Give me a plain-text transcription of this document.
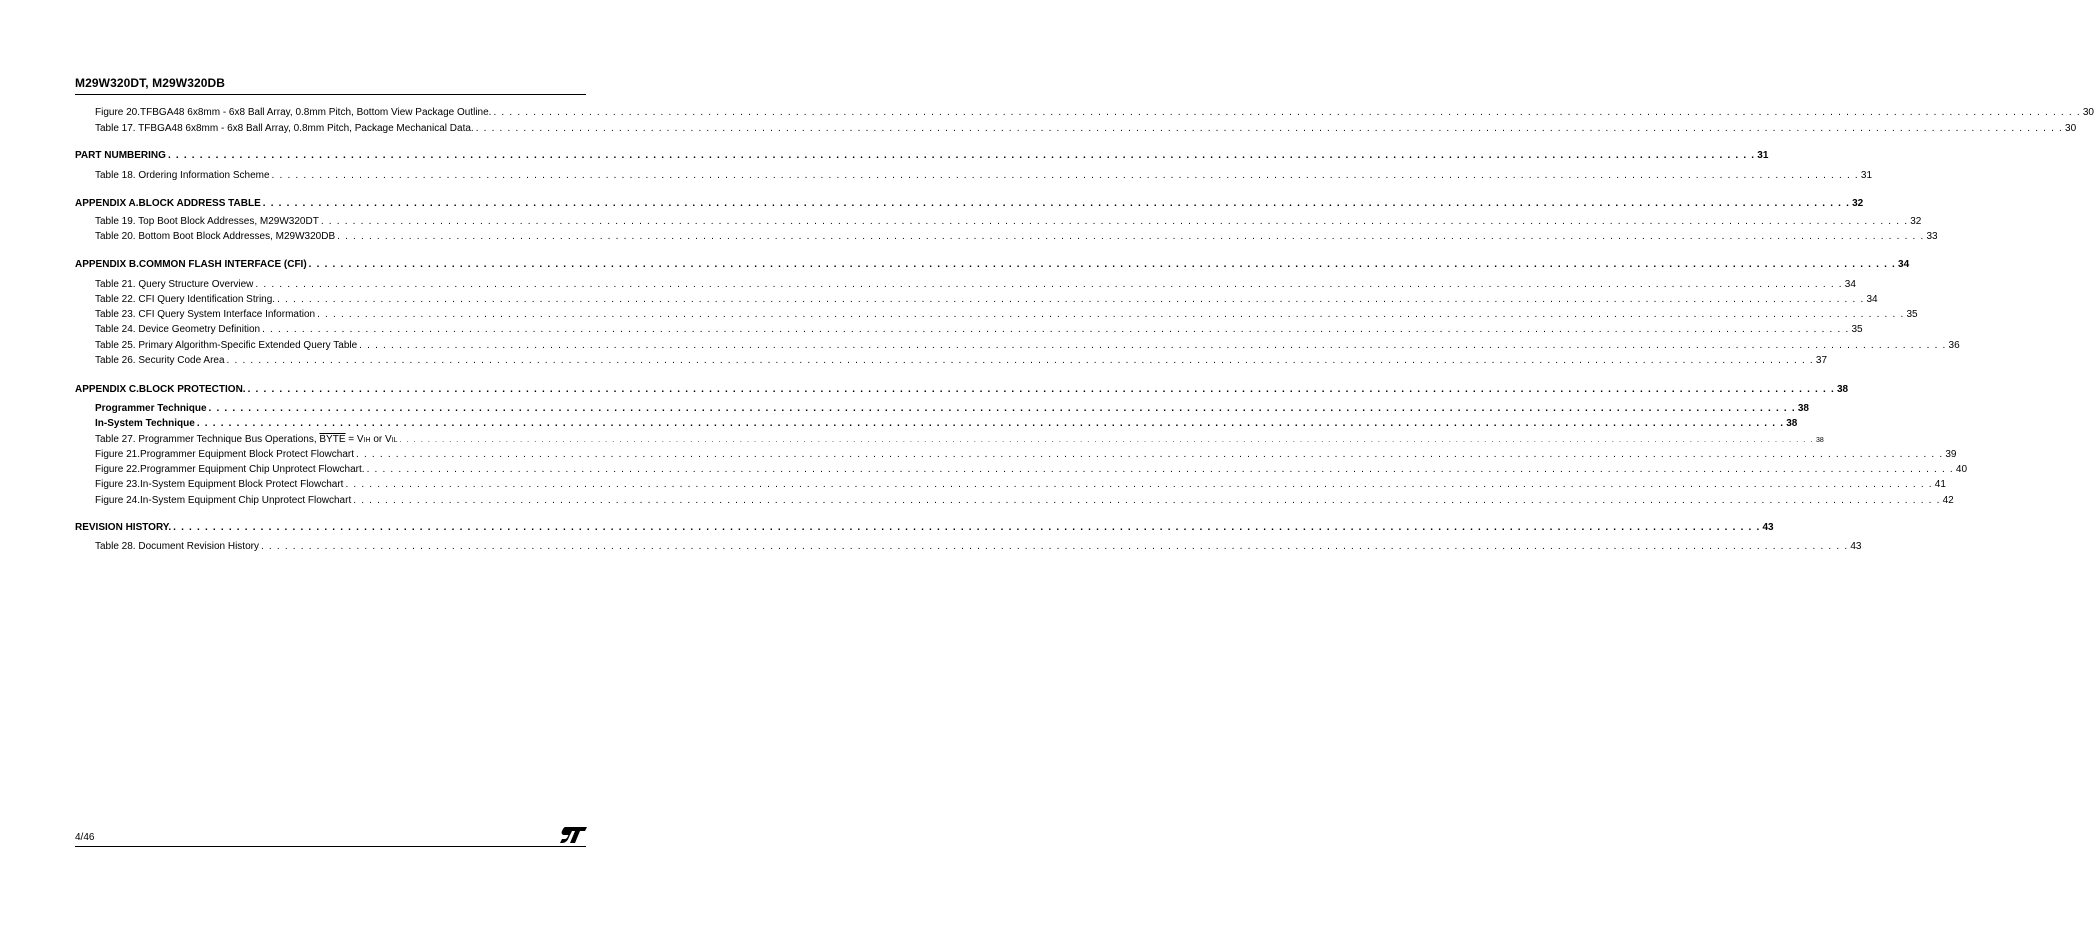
M29W320DT, M29W320DB
Figure 20.TFBGA48 6x8mm - 6x8 Ball Array, 0.8mm Pitch, Bottom View Package Outline. . . . . . . . . . . . . . . . . . . . . . . . . . . . . . . . . . . . . . . . . . . . . . . . . . . . . . . . . . . . . . . . . . . . . . . . . . . . . . . . . . . . . . . . . . . . . . . . . . . . . . . . . . . . . . . . . . . . . . . . . . . . . . . . . . . . . . . . . . . . . . . . . . . . . . . . . . . . . . . . . . . . . . . . . . . . . . . . . . . . . . . . . . . . . . . . . . . . . . . . . 30
Table 17. TFBGA48 6x8mm - 6x8 Ball Array, 0.8mm Pitch, Package Mechanical Data. . . . . . . . . . . . . . . . . . . . . . . . . . . . . . . . . . . . . . . . . . . . . . . . . . . . . . . . . . . . . . . . . . . . . . . . . . . . . . . . . . . . . . . . . . . . . . . . . . . . . . . . . . . . . . . . . . . . . . . . . . . . . . . . . . . . . . . . . . . . . . . . . . . . . . . . . . . . . . . . . . . . . . . . . . . . . . . . . . . . . . . . . . . . . . . . . . . . . . . . . 30
PART NUMBERING . . . . . . . . . . . . . . . . . . . . . . . . . . . . . . . . . . . . . . . . . . . . . . . . . . . . . . . . . . . . . . . . . . . . . . . . . . . . . . . . . . . . . . . . . . . . . . . . . . . . . . . . . . . . . . . . . . . . . . . . . . . . . . . . . . . . . . . . . . . . . . . . . . . . . . . . . . . . . . . . . . . . . . . . . . . . . . . . . . . . . . . . . . . . . . . . . . . . . . . . 31
Table 18. Ordering Information Scheme . . . . . . . . . . . . . . . . . . . . . . . . . . . . . . . . . . . . . . . . . . . . . . . . . . . . . . . . . . . . . . . . . . . . . . . . . . . . . . . . . . . . . . . . . . . . . . . . . . . . . . . . . . . . . . . . . . . . . . . . . . . . . . . . . . . . . . . . . . . . . . . . . . . . . . . . . . . . . . . . . . . . . . . . . . . . . . . . . . . . . . . . . . . . . . . . . . . . . . . . 31
APPENDIX A.BLOCK ADDRESS TABLE . . . . . . . . . . . . . . . . . . . . . . . . . . . . . . . . . . . . . . . . . . . . . . . . . . . . . . . . . . . . . . . . . . . . . . . . . . . . . . . . . . . . . . . . . . . . . . . . . . . . . . . . . . . . . . . . . . . . . . . . . . . . . . . . . . . . . . . . . . . . . . . . . . . . . . . . . . . . . . . . . . . . . . . . . . . . . . . . . . . . . . . . . . . . . . . . . . . . . . . . 32
Table 19. Top Boot Block Addresses, M29W320DT . . . . . . . . . . . . . . . . . . . . . . . . . . . . . . . . . . . . . . . . . . . . . . . . . . . . . . . . . . . . . . . . . . . . . . . . . . . . . . . . . . . . . . . . . . . . . . . . . . . . . . . . . . . . . . . . . . . . . . . . . . . . . . . . . . . . . . . . . . . . . . . . . . . . . . . . . . . . . . . . . . . . . . . . . . . . . . . . . . . . . . . . . . . . . . . . . . . . . . . . 32
Table 20. Bottom Boot Block Addresses, M29W320DB . . . . . . . . . . . . . . . . . . . . . . . . . . . . . . . . . . . . . . . . . . . . . . . . . . . . . . . . . . . . . . . . . . . . . . . . . . . . . . . . . . . . . . . . . . . . . . . . . . . . . . . . . . . . . . . . . . . . . . . . . . . . . . . . . . . . . . . . . . . . . . . . . . . . . . . . . . . . . . . . . . . . . . . . . . . . . . . . . . . . . . . . . . . . . . . . . . . . . . . . 33
APPENDIX B.COMMON FLASH INTERFACE (CFI) . . . . . . . . . . . . . . . . . . . . . . . . . . . . . . . . . . . . . . . . . . . . . . . . . . . . . . . . . . . . . . . . . . . . . . . . . . . . . . . . . . . . . . . . . . . . . . . . . . . . . . . . . . . . . . . . . . . . . . . . . . . . . . . . . . . . . . . . . . . . . . . . . . . . . . . . . . . . . . . . . . . . . . . . . . . . . . . . . . . . . . . . . . . . . . . . . . . . . . . . 34
Table 21. Query Structure Overview . . . . . . . . . . . . . . . . . . . . . . . . . . . . . . . . . . . . . . . . . . . . . . . . . . . . . . . . . . . . . . . . . . . . . . . . . . . . . . . . . . . . . . . . . . . . . . . . . . . . . . . . . . . . . . . . . . . . . . . . . . . . . . . . . . . . . . . . . . . . . . . . . . . . . . . . . . . . . . . . . . . . . . . . . . . . . . . . . . . . . . . . . . . . . . . . . . . . . . . . 34
Table 22. CFI Query Identification String. . . . . . . . . . . . . . . . . . . . . . . . . . . . . . . . . . . . . . . . . . . . . . . . . . . . . . . . . . . . . . . . . . . . . . . . . . . . . . . . . . . . . . . . . . . . . . . . . . . . . . . . . . . . . . . . . . . . . . . . . . . . . . . . . . . . . . . . . . . . . . . . . . . . . . . . . . . . . . . . . . . . . . . . . . . . . . . . . . . . . . . . . . . . . . . . . . . . . . . . . 34
Table 23. CFI Query System Interface Information . . . . . . . . . . . . . . . . . . . . . . . . . . . . . . . . . . . . . . . . . . . . . . . . . . . . . . . . . . . . . . . . . . . . . . . . . . . . . . . . . . . . . . . . . . . . . . . . . . . . . . . . . . . . . . . . . . . . . . . . . . . . . . . . . . . . . . . . . . . . . . . . . . . . . . . . . . . . . . . . . . . . . . . . . . . . . . . . . . . . . . . . . . . . . . . . . . . . . . . . 35
Table 24. Device Geometry Definition . . . . . . . . . . . . . . . . . . . . . . . . . . . . . . . . . . . . . . . . . . . . . . . . . . . . . . . . . . . . . . . . . . . . . . . . . . . . . . . . . . . . . . . . . . . . . . . . . . . . . . . . . . . . . . . . . . . . . . . . . . . . . . . . . . . . . . . . . . . . . . . . . . . . . . . . . . . . . . . . . . . . . . . . . . . . . . . . . . . . . . . . . . . . . . . . . . . . . . . . 35
Table 25. Primary Algorithm-Specific Extended Query Table . . . . . . . . . . . . . . . . . . . . . . . . . . . . . . . . . . . . . . . . . . . . . . . . . . . . . . . . . . . . . . . . . . . . . . . . . . . . . . . . . . . . . . . . . . . . . . . . . . . . . . . . . . . . . . . . . . . . . . . . . . . . . . . . . . . . . . . . . . . . . . . . . . . . . . . . . . . . . . . . . . . . . . . . . . . . . . . . . . . . . . . . . . . . . . . . . . . . . . . . 36
Table 26. Security Code Area . . . . . . . . . . . . . . . . . . . . . . . . . . . . . . . . . . . . . . . . . . . . . . . . . . . . . . . . . . . . . . . . . . . . . . . . . . . . . . . . . . . . . . . . . . . . . . . . . . . . . . . . . . . . . . . . . . . . . . . . . . . . . . . . . . . . . . . . . . . . . . . . . . . . . . . . . . . . . . . . . . . . . . . . . . . . . . . . . . . . . . . . . . . . . . . . . . . . . . . . 37
APPENDIX C.BLOCK PROTECTION. . . . . . . . . . . . . . . . . . . . . . . . . . . . . . . . . . . . . . . . . . . . . . . . . . . . . . . . . . . . . . . . . . . . . . . . . . . . . . . . . . . . . . . . . . . . . . . . . . . . . . . . . . . . . . . . . . . . . . . . . . . . . . . . . . . . . . . . . . . . . . . . . . . . . . . . . . . . . . . . . . . . . . . . . . . . . . . . . . . . . . . . . . . . . . . . . . . . . . . . . 38
Programmer Technique . . . . . . . . . . . . . . . . . . . . . . . . . . . . . . . . . . . . . . . . . . . . . . . . . . . . . . . . . . . . . . . . . . . . . . . . . . . . . . . . . . . . . . . . . . . . . . . . . . . . . . . . . . . . . . . . . . . . . . . . . . . . . . . . . . . . . . . . . . . . . . . . . . . . . . . . . . . . . . . . . . . . . . . . . . . . . . . . . . . . . . . . . . . . . . . . . . . . . . . . 38
In-System Technique . . . . . . . . . . . . . . . . . . . . . . . . . . . . . . . . . . . . . . . . . . . . . . . . . . . . . . . . . . . . . . . . . . . . . . . . . . . . . . . . . . . . . . . . . . . . . . . . . . . . . . . . . . . . . . . . . . . . . . . . . . . . . . . . . . . . . . . . . . . . . . . . . . . . . . . . . . . . . . . . . . . . . . . . . . . . . . . . . . . . . . . . . . . . . . . . . . . . . . . . 38
Table 27. Programmer Technique Bus Operations, BYTE = VIH or VIL . . . . . . . . . . . . . . . . . . . . . . . . . . . . . . . . . . . . . . . . . . . . . . . . . . . . . . . . . . . . . . . . . . . . . . . . . . . . . . . . . . . . . . . . . . . . . . . . . . . . . . . . . . . . . . . . . . . . . . . . . . . . . . . . . . . . . . . . . . . . . . . . . . . . . . . . . . . . . . . . . . . . . . . . . . . . . . . . . . . . . . . . . . . . . . . . . . . . . . . . 38
Figure 21.Programmer Equipment Block Protect Flowchart . . . . . . . . . . . . . . . . . . . . . . . . . . . . . . . . . . . . . . . . . . . . . . . . . . . . . . . . . . . . . . . . . . . . . . . . . . . . . . . . . . . . . . . . . . . . . . . . . . . . . . . . . . . . . . . . . . . . . . . . . . . . . . . . . . . . . . . . . . . . . . . . . . . . . . . . . . . . . . . . . . . . . . . . . . . . . . . . . . . . . . . . . . . . . . . . . . . . . . . . 39
Figure 22.Programmer Equipment Chip Unprotect Flowchart. . . . . . . . . . . . . . . . . . . . . . . . . . . . . . . . . . . . . . . . . . . . . . . . . . . . . . . . . . . . . . . . . . . . . . . . . . . . . . . . . . . . . . . . . . . . . . . . . . . . . . . . . . . . . . . . . . . . . . . . . . . . . . . . . . . . . . . . . . . . . . . . . . . . . . . . . . . . . . . . . . . . . . . . . . . . . . . . . . . . . . . . . . . . . . . . . . . . . . . . . 40
Figure 23.In-System Equipment Block Protect Flowchart . . . . . . . . . . . . . . . . . . . . . . . . . . . . . . . . . . . . . . . . . . . . . . . . . . . . . . . . . . . . . . . . . . . . . . . . . . . . . . . . . . . . . . . . . . . . . . . . . . . . . . . . . . . . . . . . . . . . . . . . . . . . . . . . . . . . . . . . . . . . . . . . . . . . . . . . . . . . . . . . . . . . . . . . . . . . . . . . . . . . . . . . . . . . . . . . . . . . . . . . 41
Figure 24.In-System Equipment Chip Unprotect Flowchart . . . . . . . . . . . . . . . . . . . . . . . . . . . . . . . . . . . . . . . . . . . . . . . . . . . . . . . . . . . . . . . . . . . . . . . . . . . . . . . . . . . . . . . . . . . . . . . . . . . . . . . . . . . . . . . . . . . . . . . . . . . . . . . . . . . . . . . . . . . . . . . . . . . . . . . . . . . . . . . . . . . . . . . . . . . . . . . . . . . . . . . . . . . . . . . . . . . . . . . . 42
REVISION HISTORY. . . . . . . . . . . . . . . . . . . . . . . . . . . . . . . . . . . . . . . . . . . . . . . . . . . . . . . . . . . . . . . . . . . . . . . . . . . . . . . . . . . . . . . . . . . . . . . . . . . . . . . . . . . . . . . . . . . . . . . . . . . . . . . . . . . . . . . . . . . . . . . . . . . . . . . . . . . . . . . . . . . . . . . . . . . . . . . . . . . . . . . . . . . . . . . . . . . . . . . . . 43
Table 28. Document Revision History . . . . . . . . . . . . . . . . . . . . . . . . . . . . . . . . . . . . . . . . . . . . . . . . . . . . . . . . . . . . . . . . . . . . . . . . . . . . . . . . . . . . . . . . . . . . . . . . . . . . . . . . . . . . . . . . . . . . . . . . . . . . . . . . . . . . . . . . . . . . . . . . . . . . . . . . . . . . . . . . . . . . . . . . . . . . . . . . . . . . . . . . . . . . . . . . . . . . . . . . 43
4/46
